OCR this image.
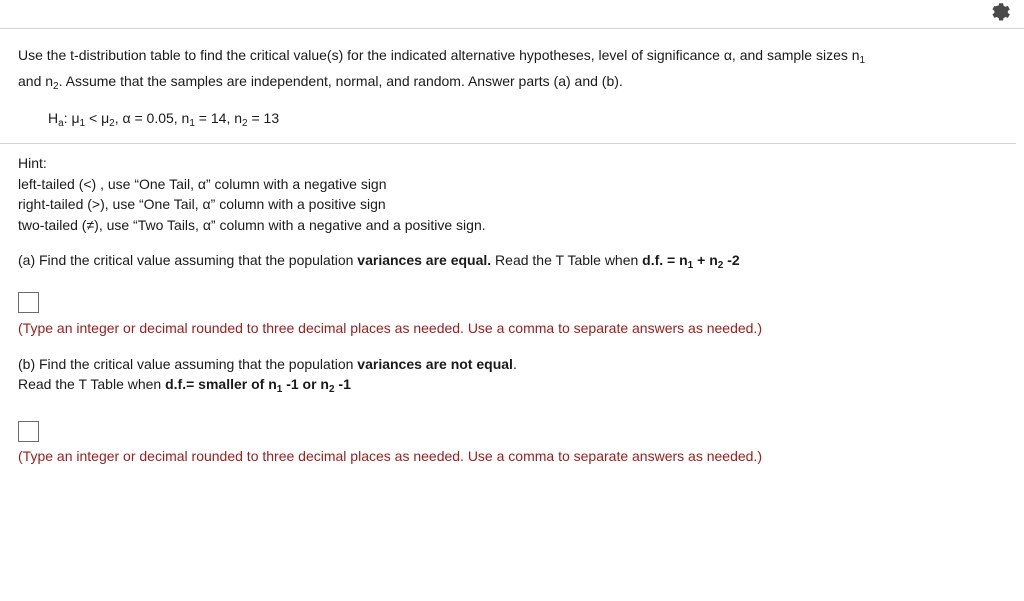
Use the t-distribution table to find the critical value(s) for the indicated alternative hypotheses, level of significance α, and sample sizes $n_1$
and $n_2$. Assume that the samples are independent, normal, and random. Answer parts (a) and (b).

$H_a$: $\mu_1 < \mu_2$, α = 0.05, $n_1 = 14$, $n_2 = 13$

Hint:

left-tailed (<) , use “One Tail, α” column with a negative sign

right-tailed (>), use “One Tail, α” column with a positive sign

two-tailed (≠), use “Two Tails, α” column with a negative and a positive sign.

(a) Find the critical value assuming that the population variances are equal. Read the T Table when d.f. = $n_1 + n_2$ -2

(Type an integer or decimal rounded to three decimal places as needed. Use a comma to separate answers as needed.)

(b) Find the critical value assuming that the population variances are not equal.

Read the T Table when d.f.= smaller of $n_1$ -1 or $n_2$ -1

(Type an integer or decimal rounded to three decimal places as needed. Use a comma to separate answers as needed.)
